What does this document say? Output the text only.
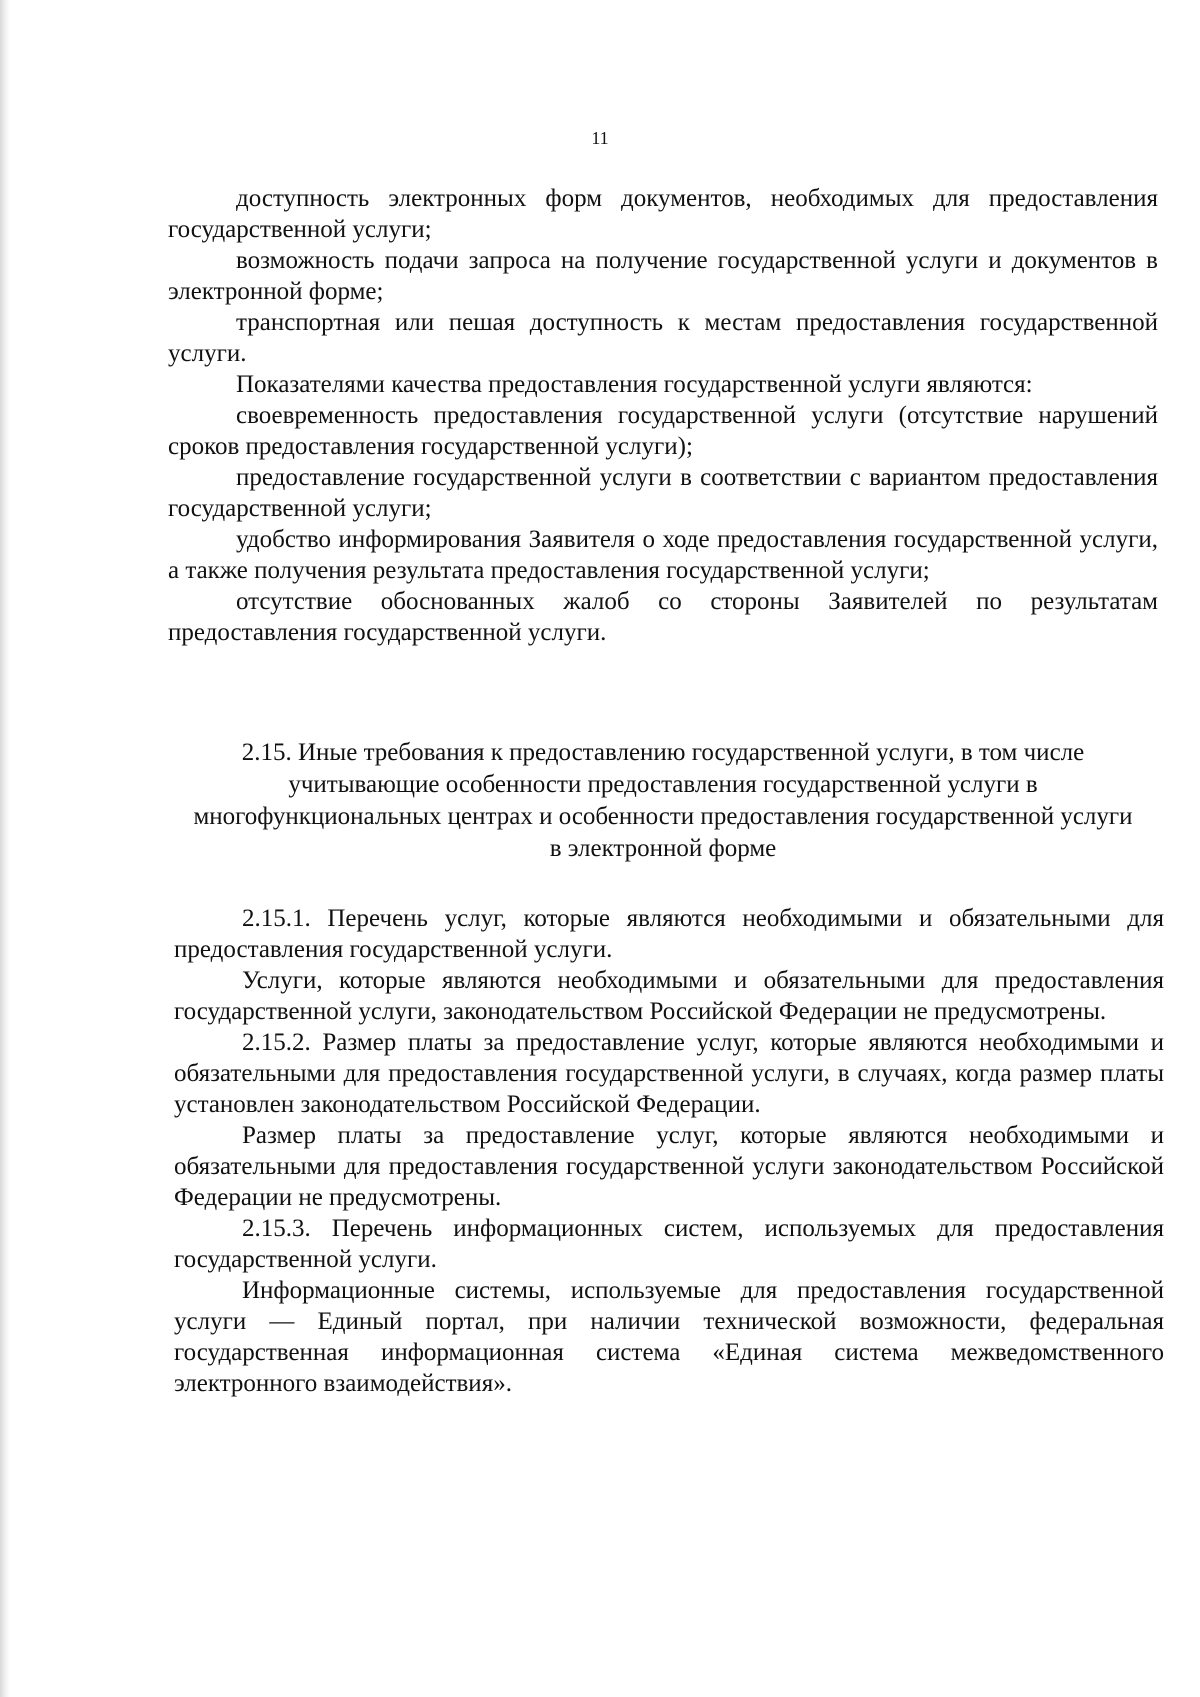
11

доступность электронных форм документов, необходимых для предоставления государственной услуги;

возможность подачи запроса на получение государственной услуги и документов в электронной форме;

транспортная или пешая доступность к местам предоставления государственной услуги.

Показателями качества предоставления государственной услуги являются:

своевременность предоставления государственной услуги (отсутствие нарушений сроков предоставления государственной услуги);

предоставление государственной услуги в соответствии с вариантом предоставления государственной услуги;

удобство информирования Заявителя о ходе предоставления государственной услуги, а также получения результата предоставления государственной услуги;

отсутствие обоснованных жалоб со стороны Заявителей по результатам предоставления государственной услуги.

2.15. Иные требования к предоставлению государственной услуги, в том числе учитывающие особенности предоставления государственной услуги в многофункциональных центрах и особенности предоставления государственной услуги в электронной форме

2.15.1. Перечень услуг, которые являются необходимыми и обязательными для предоставления государственной услуги.

Услуги, которые являются необходимыми и обязательными для предоставления государственной услуги, законодательством Российской Федерации не предусмотрены.

2.15.2. Размер платы за предоставление услуг, которые являются необходимыми и обязательными для предоставления государственной услуги, в случаях, когда размер платы установлен законодательством Российской Федерации.

Размер платы за предоставление услуг, которые являются необходимыми и обязательными для предоставления государственной услуги законодательством Российской Федерации не предусмотрены.

2.15.3. Перечень информационных систем, используемых для предоставления государственной услуги.

Информационные системы, используемые для предоставления государственной услуги — Единый портал, при наличии технической возможности, федеральная государственная информационная система «Единая система межведомственного электронного взаимодействия».
